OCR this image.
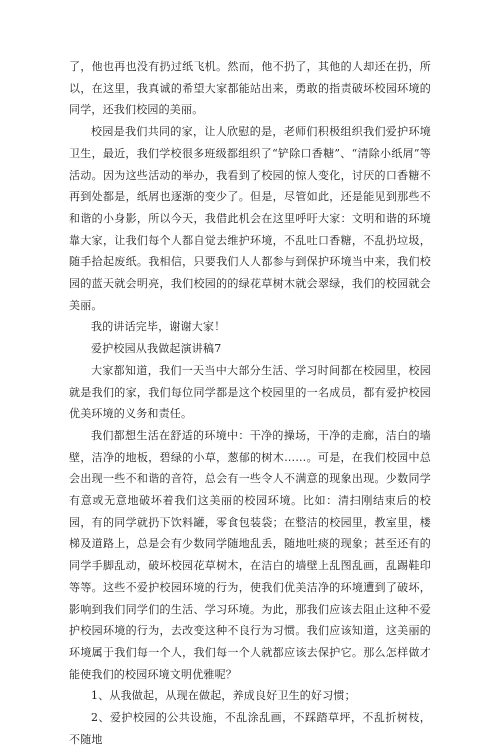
了，他也再也没有扔过纸飞机。然而，他不扔了，其他的人却还在扔，所以，在这里，我真诚的希望大家都能站出来，勇敢的指责破坏校园环境的同学，还我们校园的美丽。

校园是我们共同的家，让人欣慰的是，老师们积极组织我们爱护环境卫生，最近，我们学校很多班级都组织了“铲除口香糖”、“清除小纸屑”等活动。因为这些活动的举办，我看到了校园的惊人变化，讨厌的口香糖不再到处都是，纸屑也逐渐的变少了。但是，尽管如此，还是能见到那些不和谐的小身影，所以今天，我借此机会在这里呼吁大家：文明和谐的环境靠大家，让我们每个人都自觉去维护环境，不乱吐口香糖，不乱扔垃圾，随手拾起废纸。我相信，只要我们人人都参与到保护环境当中来，我们校园的蓝天就会明亮，我们校园的的绿花草树木就会翠绿，我们的校园就会美丽。

我的讲话完毕，谢谢大家！

爱护校园从我做起演讲稿7

大家都知道，我们一天当中大部分生活、学习时间都在校园里，校园就是我们的家，我们每位同学都是这个校园里的一名成员，都有爱护校园优美环境的义务和责任。

我们都想生活在舒适的环境中：干净的操场，干净的走廊，洁白的墙壁，洁净的地板，碧绿的小草，葱郁的树木……。可是，在我们校园中总会出现一些不和谐的音符，总会有一些令人不满意的现象出现。少数同学有意或无意地破坏着我们这美丽的校园环境。比如：清扫刚结束后的校园，有的同学就扔下饮料罐，零食包装袋；在整洁的校园里，教室里，楼梯及道路上，总是会有少数同学随地乱丢，随地吐痰的现象；甚至还有的同学手脚乱动，破坏校园花草树木，在洁白的墙壁上乱图乱画，乱踢鞋印等等。这些不爱护校园环境的行为，使我们优美洁净的环境遭到了破坏，影响到我们同学们的生活、学习环境。为此，那我们应该去阻止这种不爱护校园环境的行为，去改变这种不良行为习惯。我们应该知道，这美丽的环境属于我们每一个人，我们每一个人就都应该去保护它。那么怎样做才能使我们的校园环境文明优雅呢？

1、从我做起，从现在做起，养成良好卫生的好习惯；

2、爱护校园的公共设施，不乱涂乱画，不踩踏草坪，不乱折树枝，不随地
